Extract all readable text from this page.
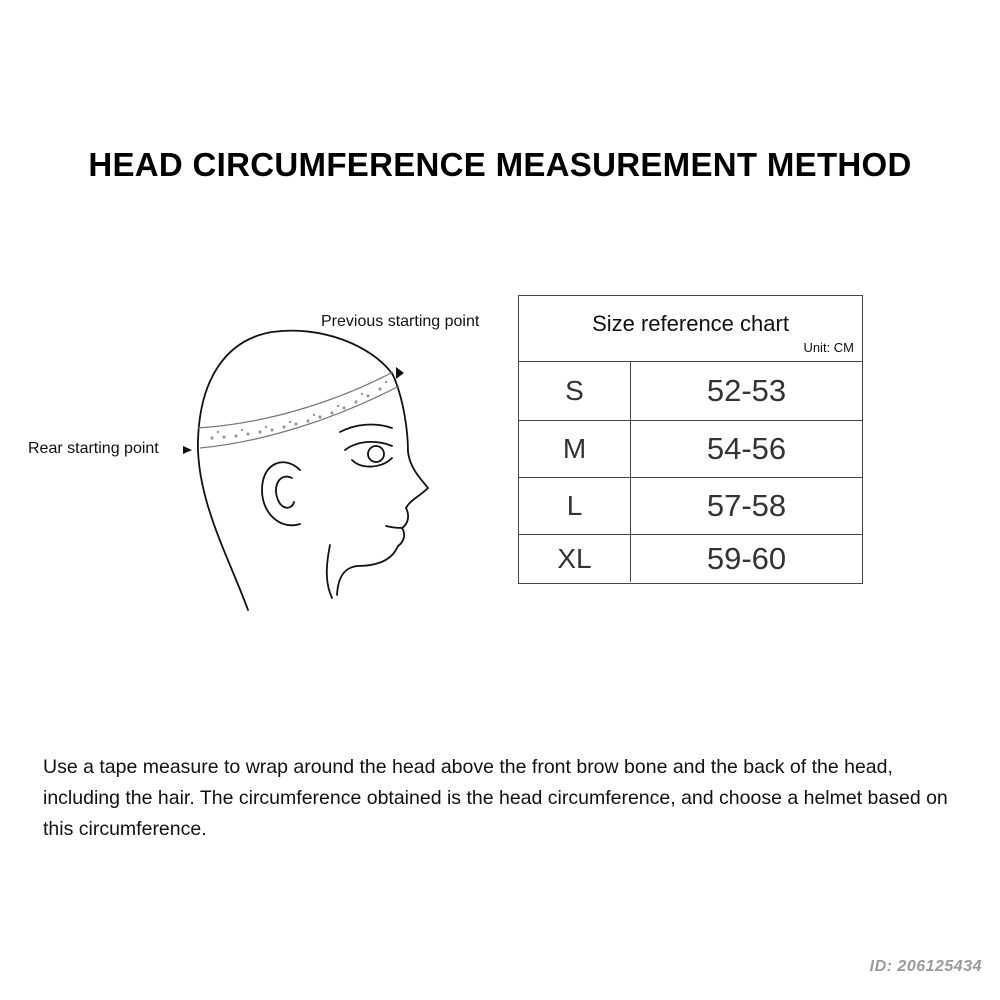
HEAD CIRCUMFERENCE MEASUREMENT METHOD
Previous starting point
Rear starting point
Size reference chart
Unit: CM
S	52-53
M	54-56
L	57-58
XL	59-60
Use a tape measure to wrap around the head above the front brow bone and the back of the head, including the hair. The circumference obtained is the head circumference, and choose a helmet based on this circumference.
ID: 206125434
